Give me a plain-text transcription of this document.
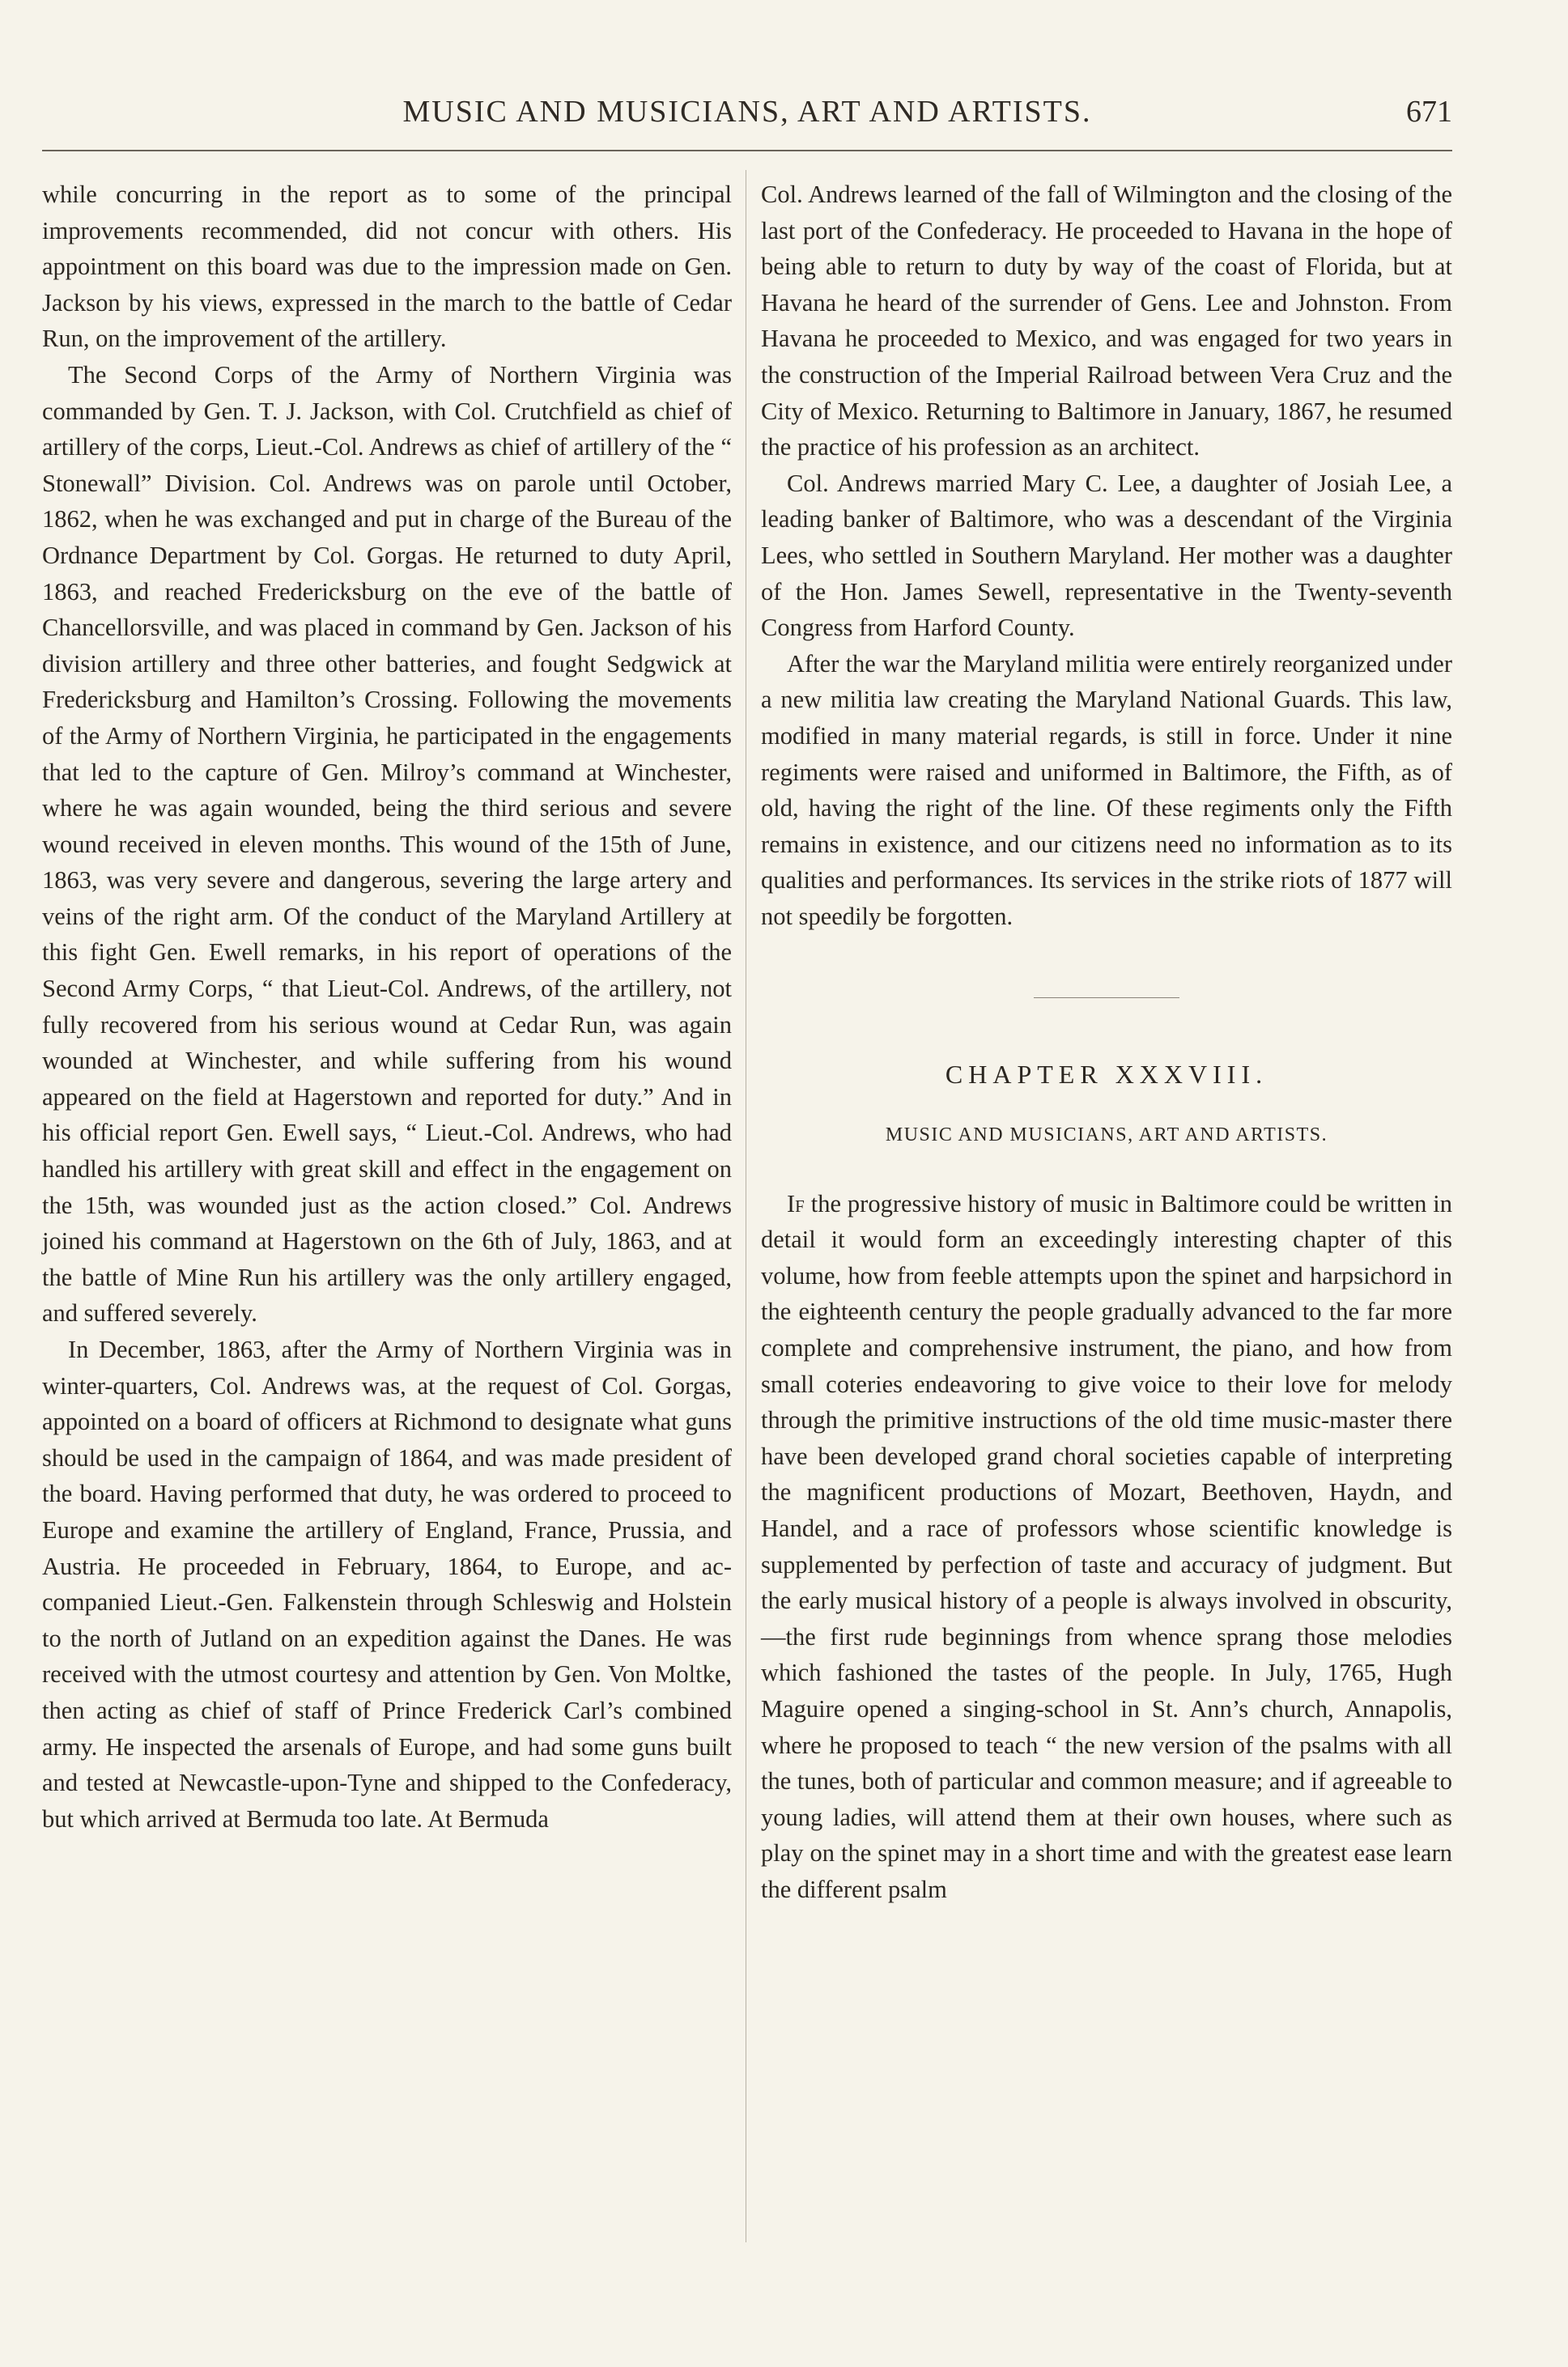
MUSIC AND MUSICIANS, ART AND ARTISTS.	671

while concurring in the report as to some of the principal improvements recommended, did not concur with others. His appointment on this board was due to the impression made on Gen. Jackson by his views, expressed in the march to the battle of Cedar Run, on the improvement of the artillery.

The Second Corps of the Army of Northern Virginia was commanded by Gen. T. J. Jackson, with Col. Crutchfield as chief of artillery of the corps, Lieut.-Col. Andrews as chief of artillery of the “ Stonewall” Division. Col. Andrews was on parole until October, 1862, when he was exchanged and put in charge of the Bureau of the Ordnance Department by Col. Gorgas. He returned to duty April, 1863, and reached Fredericksburg on the eve of the battle of Chancellorsville, and was placed in command by Gen. Jackson of his division artillery and three other batteries, and fought Sedgwick at Fredericksburg and Hamilton’s Crossing. Following the movements of the Army of Northern Virginia, he participated in the engagements that led to the capture of Gen. Milroy’s command at Winchester, where he was again wounded, being the third serious and severe wound received in eleven months. This wound of the 15th of June, 1863, was very severe and dangerous, severing the large artery and veins of the right arm. Of the conduct of the Maryland Artillery at this fight Gen. Ewell remarks, in his report of operations of the Second Army Corps, “ that Lieut-Col. Andrews, of the artillery, not fully recovered from his serious wound at Cedar Run, was again wounded at Winchester, and while suffering from his wound appeared on the field at Hagerstown and reported for duty.” And in his official report Gen. Ewell says, “ Lieut.-Col. Andrews, who had handled his artillery with great skill and effect in the engagement on the 15th, was wounded just as the action closed.” Col. Andrews joined his command at Hagerstown on the 6th of July, 1863, and at the battle of Mine Run his artillery was the only artillery engaged, and suffered severely.

In December, 1863, after the Army of Northern Virginia was in winter-quarters, Col. Andrews was, at the request of Col. Gorgas, appointed on a board of officers at Richmond to designate what guns should be used in the campaign of 1864, and was made president of the board. Having performed that duty, he was ordered to proceed to Europe and examine the artillery of England, France, Prussia, and Austria. He proceeded in February, 1864, to Europe, and accompanied Lieut.-Gen. Falkenstein through Schleswig and Holstein to the north of Jutland on an expedition against the Danes. He was received with the utmost courtesy and attention by Gen. Von Moltke, then acting as chief of staff of Prince Frederick Carl’s combined army. He inspected the arsenals of Europe, and had some guns built and tested at Newcastle-upon-Tyne and shipped to the Confederacy, but which arrived at Bermuda too late. At Bermuda

Col. Andrews learned of the fall of Wilmington and the closing of the last port of the Confederacy. He proceeded to Havana in the hope of being able to return to duty by way of the coast of Florida, but at Havana he heard of the surrender of Gens. Lee and Johnston. From Havana he proceeded to Mexico, and was engaged for two years in the construction of the Imperial Railroad between Vera Cruz and the City of Mexico. Returning to Baltimore in January, 1867, he resumed the practice of his profession as an architect.

Col. Andrews married Mary C. Lee, a daughter of Josiah Lee, a leading banker of Baltimore, who was a descendant of the Virginia Lees, who settled in Southern Maryland. Her mother was a daughter of the Hon. James Sewell, representative in the Twenty-seventh Congress from Harford County.

After the war the Maryland militia were entirely reorganized under a new militia law creating the Maryland National Guards. This law, modified in many material regards, is still in force. Under it nine regiments were raised and uniformed in Baltimore, the Fifth, as of old, having the right of the line. Of these regiments only the Fifth remains in existence, and our citizens need no information as to its qualities and performances. Its services in the strike riots of 1877 will not speedily be forgotten.

CHAPTER XXXVIII.
MUSIC AND MUSICIANS, ART AND ARTISTS.

If the progressive history of music in Baltimore could be written in detail it would form an exceedingly interesting chapter of this volume, how from feeble attempts upon the spinet and harpsichord in the eighteenth century the people gradually advanced to the far more complete and comprehensive instrument, the piano, and how from small coteries endeavoring to give voice to their love for melody through the primitive instructions of the old time music-master there have been developed grand choral societies capable of interpreting the magnificent productions of Mozart, Beethoven, Haydn, and Handel, and a race of professors whose scientific knowledge is supplemented by perfection of taste and accuracy of judgment. But the early musical history of a people is always involved in obscurity,—the first rude beginnings from whence sprang those melodies which fashioned the tastes of the people. In July, 1765, Hugh Maguire opened a singing-school in St. Ann’s church, Annapolis, where he proposed to teach “ the new version of the psalms with all the tunes, both of particular and common measure; and if agreeable to young ladies, will attend them at their own houses, where such as play on the spinet may in a short time and with the greatest ease learn the different psalm
